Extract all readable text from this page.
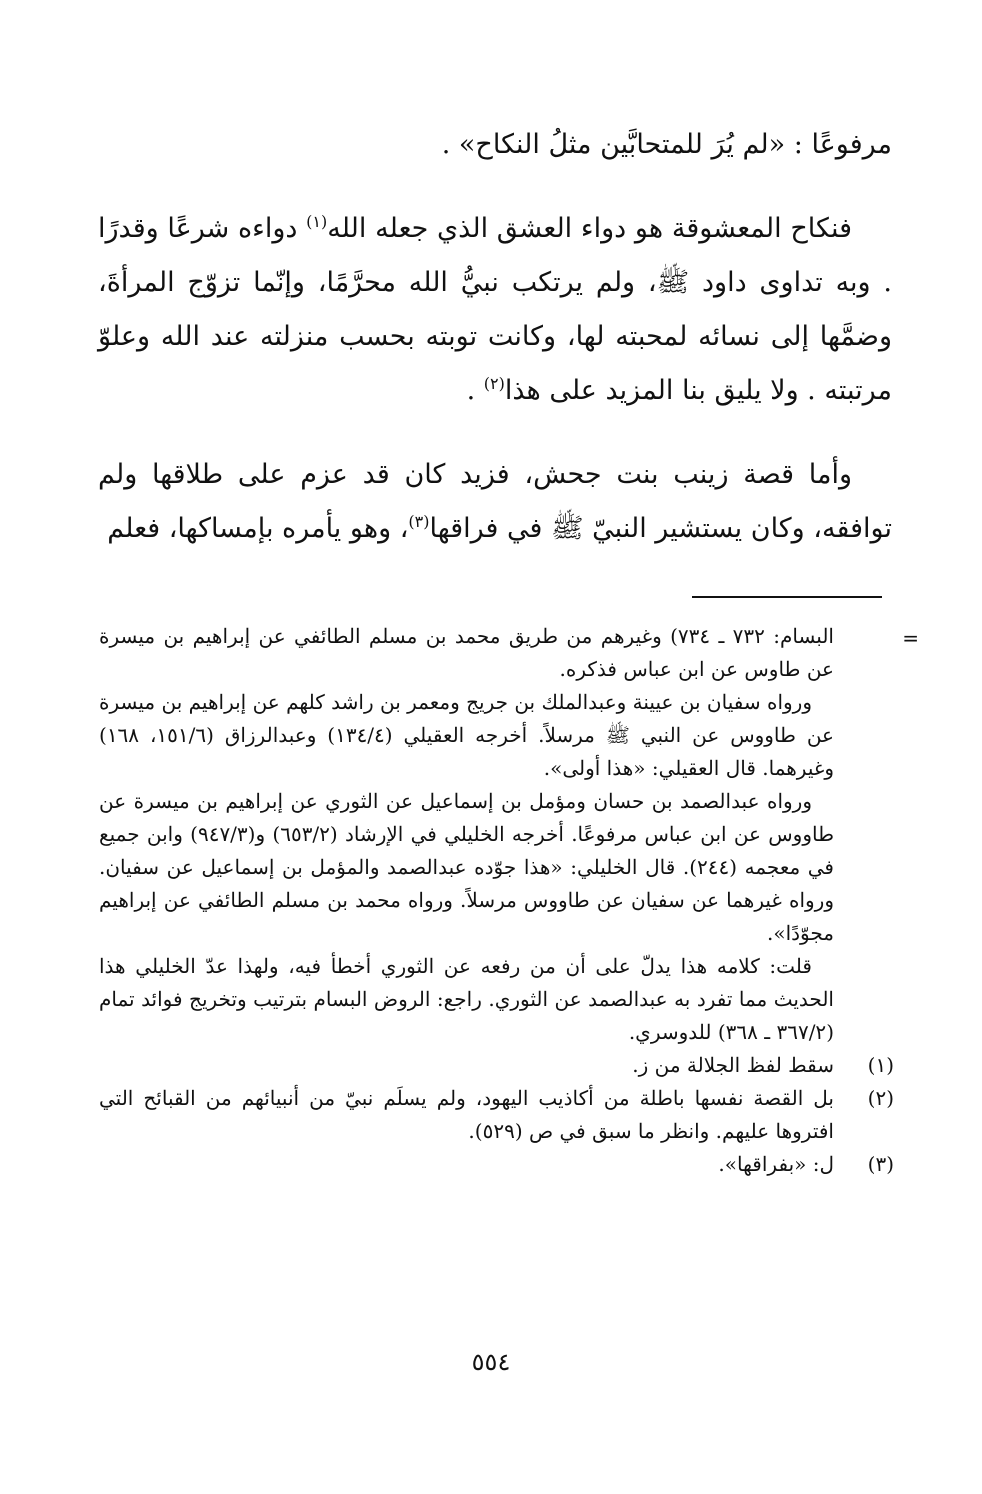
مرفوعًا : «لم يُرَ للمتحابَّين مثلُ النكاح» .

فنكاح المعشوقة هو دواء العشق الذي جعله الله$^{(١)}$ دواءه شرعًا وقدرًا . وبه تداوى داود ﷺ، ولم يرتكب نبيُّ الله محرَّمًا، وإنّما تزوّج المرأةَ، وضمَّها إلى نسائه لمحبته لها، وكانت توبته بحسب منزلته عند الله وعلوّ مرتبته . ولا يليق بنا المزيد على هذا$^{(٢)}$ .

وأما قصة زينب بنت جحش، فزيد كان قد عزم على طلاقها ولم توافقه، وكان يستشير النبيّ ﷺ في فراقها$^{(٣)}$، وهو يأمره بإمساكها، فعلم

=

البسام: ٧٣٢ ـ ٧٣٤) وغيرهم من طريق محمد بن مسلم الطائفي عن إبراهيم بن ميسرة عن طاوس عن ابن عباس فذكره.

ورواه سفيان بن عيينة وعبدالملك بن جريج ومعمر بن راشد كلهم عن إبراهيم بن ميسرة عن طاووس عن النبي ﷺ مرسلاً. أخرجه العقيلي (١٣٤/٤) وعبدالرزاق (١٥١/٦، ١٦٨) وغيرهما. قال العقيلي: «هذا أولى».

ورواه عبدالصمد بن حسان ومؤمل بن إسماعيل عن الثوري عن إبراهيم بن ميسرة عن طاووس عن ابن عباس مرفوعًا. أخرجه الخليلي في الإرشاد (٦٥٣/٢) و(٩٤٧/٣) وابن جميع في معجمه (٢٤٤). قال الخليلي: «هذا جوّده عبدالصمد والمؤمل بن إسماعيل عن سفيان. ورواه غيرهما عن سفيان عن طاووس مرسلاً. ورواه محمد بن مسلم الطائفي عن إبراهيم مجوّدًا».

قلت: كلامه هذا يدلّ على أن من رفعه عن الثوري أخطأ فيه، ولهذا عدّ الخليلي هذا الحديث مما تفرد به عبدالصمد عن الثوري. راجع: الروض البسام بترتيب وتخريج فوائد تمام (٣٦٧/٢ ـ ٣٦٨) للدوسري.

(١)
سقط لفظ الجلالة من ز.
(٢)
بل القصة نفسها باطلة من أكاذيب اليهود، ولم يسلَم نبيّ من أنبيائهم من القبائح التي افتروها عليهم. وانظر ما سبق في ص (٥٢٩).
(٣)
ل: «بفراقها».
٥٥٤
